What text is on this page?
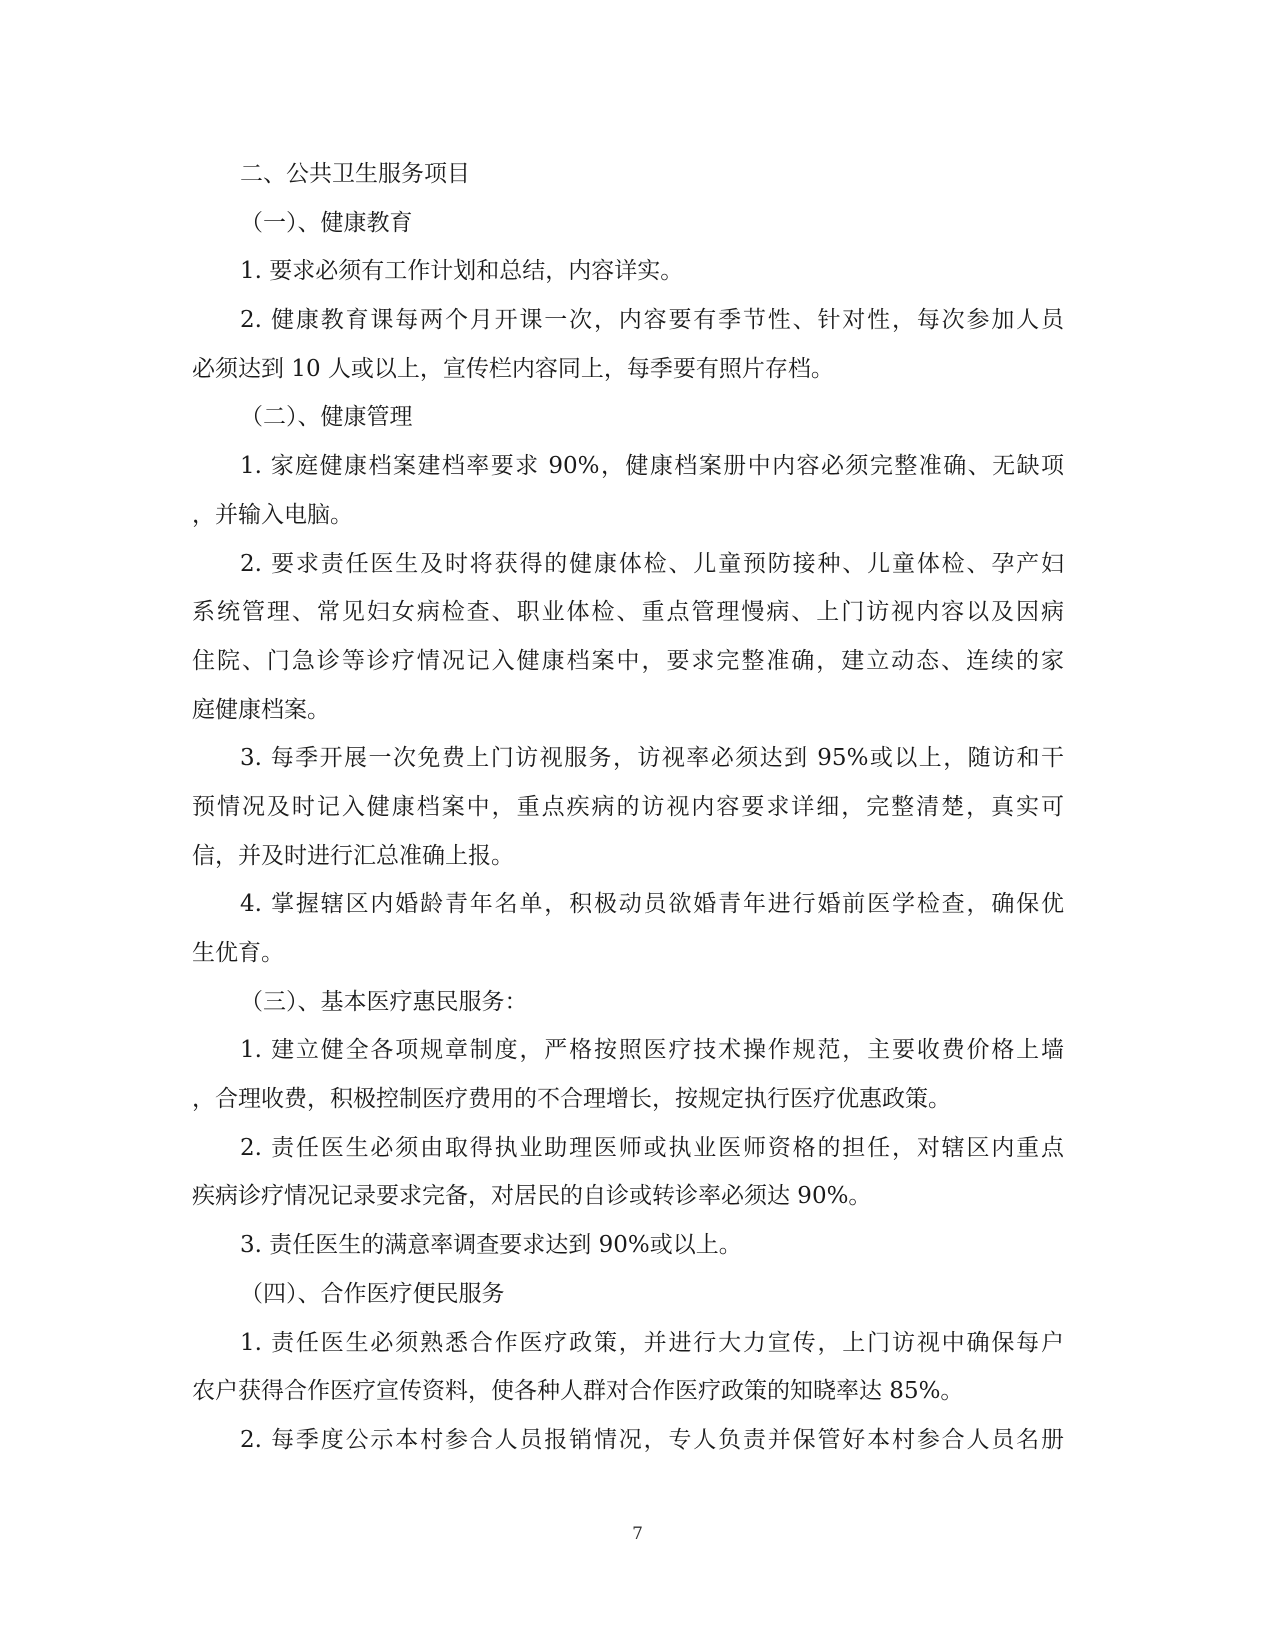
二、公共卫生服务项目

（一）、健康教育

1. 要求必须有工作计划和总结，内容详实。

2. 健康教育课每两个月开课一次，内容要有季节性、针对性，每次参加人员

必须达到 10 人或以上，宣传栏内容同上，每季要有照片存档。

（二）、健康管理

1. 家庭健康档案建档率要求 90%，健康档案册中内容必须完整准确、无缺项

，并输入电脑。

2. 要求责任医生及时将获得的健康体检、儿童预防接种、儿童体检、孕产妇

系统管理、常见妇女病检查、职业体检、重点管理慢病、上门访视内容以及因病

住院、门急诊等诊疗情况记入健康档案中，要求完整准确，建立动态、连续的家

庭健康档案。

3. 每季开展一次免费上门访视服务，访视率必须达到 95%或以上，随访和干

预情况及时记入健康档案中，重点疾病的访视内容要求详细，完整清楚，真实可

信，并及时进行汇总准确上报。

4. 掌握辖区内婚龄青年名单，积极动员欲婚青年进行婚前医学检查，确保优

生优育。

（三）、基本医疗惠民服务：

1. 建立健全各项规章制度，严格按照医疗技术操作规范，主要收费价格上墙

，合理收费，积极控制医疗费用的不合理增长，按规定执行医疗优惠政策。

2. 责任医生必须由取得执业助理医师或执业医师资格的担任，对辖区内重点

疾病诊疗情况记录要求完备，对居民的自诊或转诊率必须达 90%。

3. 责任医生的满意率调查要求达到 90%或以上。

（四）、合作医疗便民服务

1. 责任医生必须熟悉合作医疗政策，并进行大力宣传，上门访视中确保每户

农户获得合作医疗宣传资料，使各种人群对合作医疗政策的知晓率达 85%。

2. 每季度公示本村参合人员报销情况，专人负责并保管好本村参合人员名册

7
